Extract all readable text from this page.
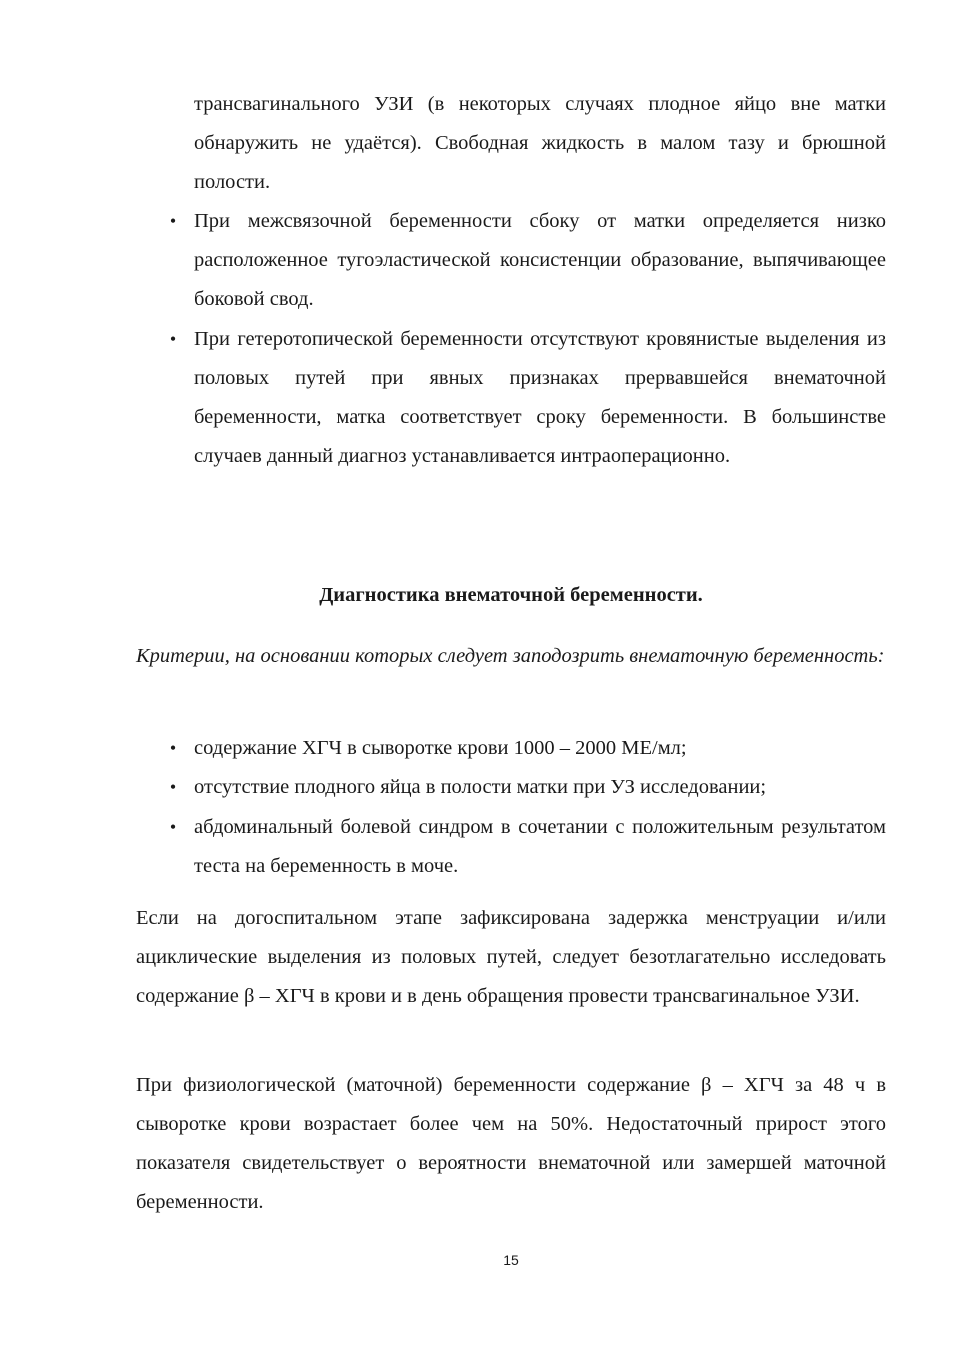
трансвагинального УЗИ (в некоторых случаях плодное яйцо вне матки обнаружить не удаётся). Свободная жидкость в малом тазу и брюшной полости.

• При межсвязочной беременности сбоку от матки определяется низко расположенное тугоэластической консистенции образование, выпячивающее боковой свод.

• При гетеротопической беременности отсутствуют кровянистые выделения из половых путей при явных признаках прервавшейся внематочной беременности, матка соответствует сроку беременности. В большинстве случаев данный диагноз устанавливается интраоперационно.

Диагностика внематочной беременности.

Критерии, на основании которых следует заподозрить внематочную беременность:

• содержание ХГЧ в сыворотке крови 1000 – 2000 МЕ/мл;

• отсутствие плодного яйца в полости матки при УЗ исследовании;

• абдоминальный болевой синдром в сочетании с положительным результатом теста на беременность в моче.

Если на догоспитальном этапе зафиксирована задержка менструации и/или ациклические выделения из половых путей, следует безотлагательно исследовать содержание β – ХГЧ в крови и в день обращения провести трансвагинальное УЗИ.

При физиологической (маточной) беременности содержание β – ХГЧ за 48 ч в сыворотке крови возрастает более чем на 50%. Недостаточный прирост этого показателя свидетельствует о вероятности внематочной или замершей маточной беременности.

15
